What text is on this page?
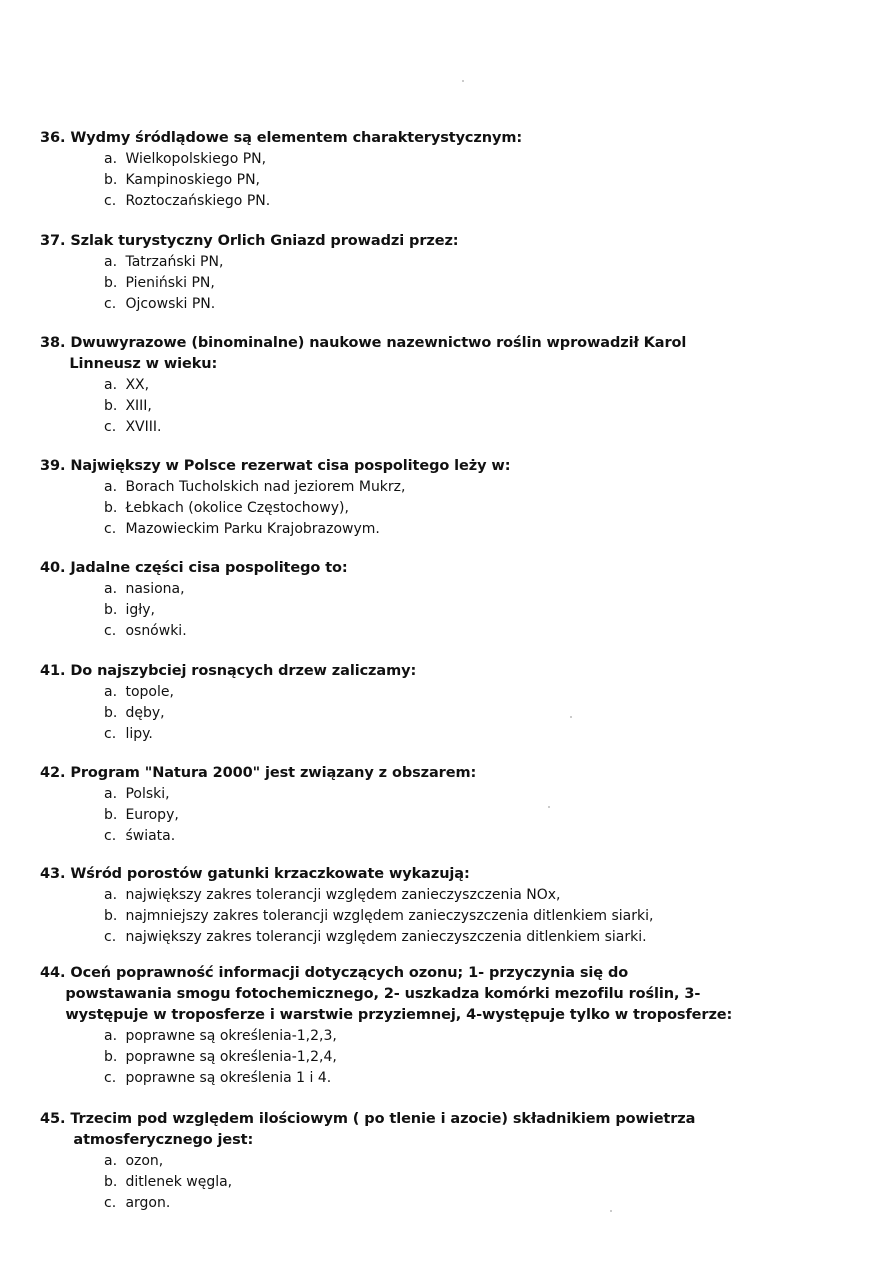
36. Wydmy śródlądowe są elementem charakterystycznym:
a. Wielkopolskiego PN,
b. Kampinoskiego PN,
c. Roztoczańskiego PN.
37. Szlak turystyczny Orlich Gniazd prowadzi przez:
a. Tatrzański PN,
b. Pieniński PN,
c. Ojcowski PN.
38. Dwuwyrazowe (binominalne) naukowe nazewnictwo roślin wprowadził Karol
Linneusz w wieku:
a. XX,
b. XIII,
c. XVIII.
39. Największy w Polsce rezerwat cisa pospolitego leży w:
a. Borach Tucholskich nad jeziorem Mukrz,
b. Łebkach (okolice Częstochowy),
c. Mazowieckim Parku Krajobrazowym.
40. Jadalne części cisa pospolitego to:
a. nasiona,
b. igły,
c. osnówki.
41. Do najszybciej rosnących drzew zaliczamy:
a. topole,
b. dęby,
c. lipy.
42. Program "Natura 2000" jest związany z obszarem:
a. Polski,
b. Europy,
c. świata.
43. Wśród porostów gatunki krzaczkowate wykazują:
a. największy zakres tolerancji względem zanieczyszczenia NOx,
b. najmniejszy zakres tolerancji względem zanieczyszczenia ditlenkiem siarki,
c. największy zakres tolerancji względem zanieczyszczenia ditlenkiem siarki.
44. Oceń poprawność informacji dotyczących ozonu; 1- przyczynia się do
powstawania smogu fotochemicznego, 2- uszkadza komórki mezofilu roślin, 3-
występuje w troposferze i warstwie przyziemnej, 4-występuje tylko w troposferze:
a. poprawne są określenia-1,2,3,
b. poprawne są określenia-1,2,4,
c. poprawne są określenia 1 i 4.
45. Trzecim pod względem ilościowym ( po tlenie i azocie) składnikiem powietrza
atmosferycznego jest:
a. ozon,
b. ditlenek węgla,
c. argon.
